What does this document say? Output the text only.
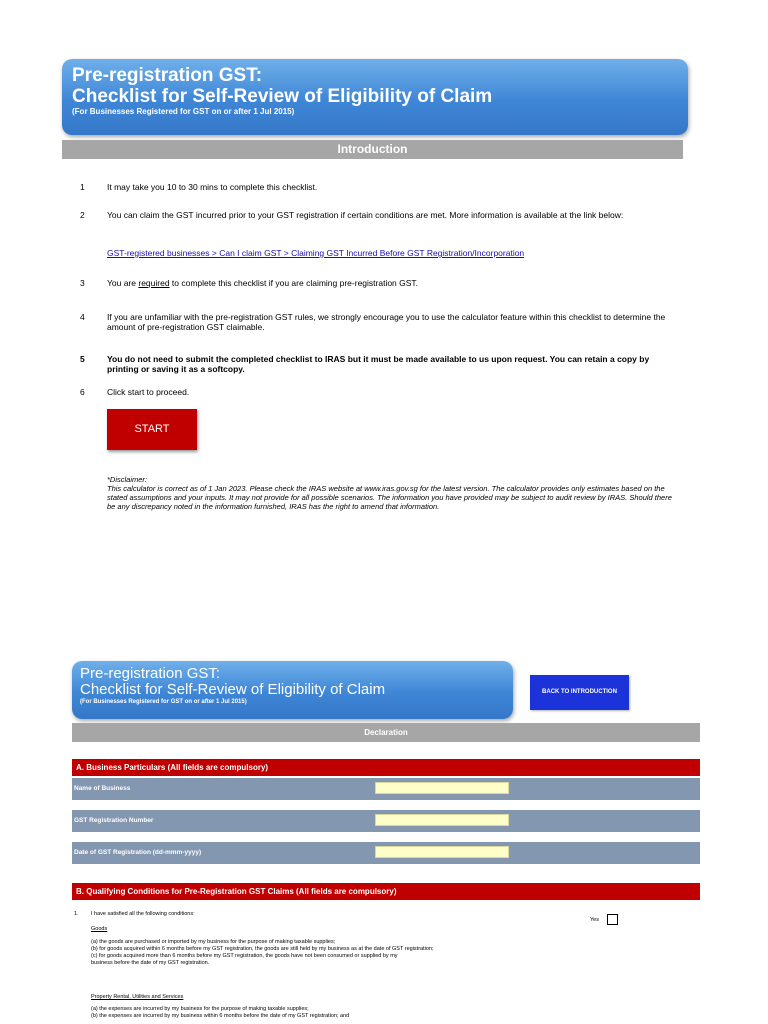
Pre-registration GST:
Checklist for Self-Review of Eligibility of Claim
(For Businesses Registered for GST on or after 1 Jul 2015)
Introduction
1	It may take you 10 to 30 mins to complete this checklist.
2	You can claim the GST incurred prior to your GST registration if certain conditions are met. More information is available at the link below:
GST-registered businesses > Can I claim GST > Claiming GST Incurred Before GST Registration/Incorporation
3	You are required to complete this checklist if you are claiming pre-registration GST.
4	If you are unfamiliar with the pre-registration GST rules, we strongly encourage you to use the calculator feature within this checklist to determine the amount of pre-registration GST claimable.
5	You do not need to submit the completed checklist to IRAS but it must be made available to us upon request. You can retain a copy by printing or saving it as a softcopy.
6	Click start to proceed.
START
*Disclaimer:
This calculator is correct as of 1 Jan 2023. Please check the IRAS website at www.iras.gov.sg for the latest version. The calculator provides only estimates based on the stated assumptions and your inputs. It may not provide for all possible scenarios. The information you have provided may be subject to audit review by IRAS. Should there be any discrepancy noted in the information furnished, IRAS has the right to amend that information.
Pre-registration GST:
Checklist for Self-Review of Eligibility of Claim
(For Businesses Registered for GST on or after 1 Jul 2015)
BACK TO INTRODUCTION
Declaration
A. Business Particulars (All fields are compulsory)
Name of Business
GST Registration Number
Date of GST Registration (dd-mmm-yyyy)
B. Qualifying Conditions for Pre-Registration GST Claims (All fields are compulsory)
1. I have satisfied all the following conditions:
Yes
Goods
(a) the goods are purchased or imported by my business for the purpose of making taxable supplies;
(b) for goods acquired within 6 months before my GST registration, the goods are still held by my business as at the date of GST registration;
(c) for goods acquired more than 6 months before my GST registration, the goods have not been consumed or supplied by my
business before the date of my GST registration.
Property Rental, Utilities and Services
(a) the expenses are incurred by my business for the purpose of making taxable supplies;
(b) the expenses are incurred by my business within 6 months before the date of my GST registration; and
